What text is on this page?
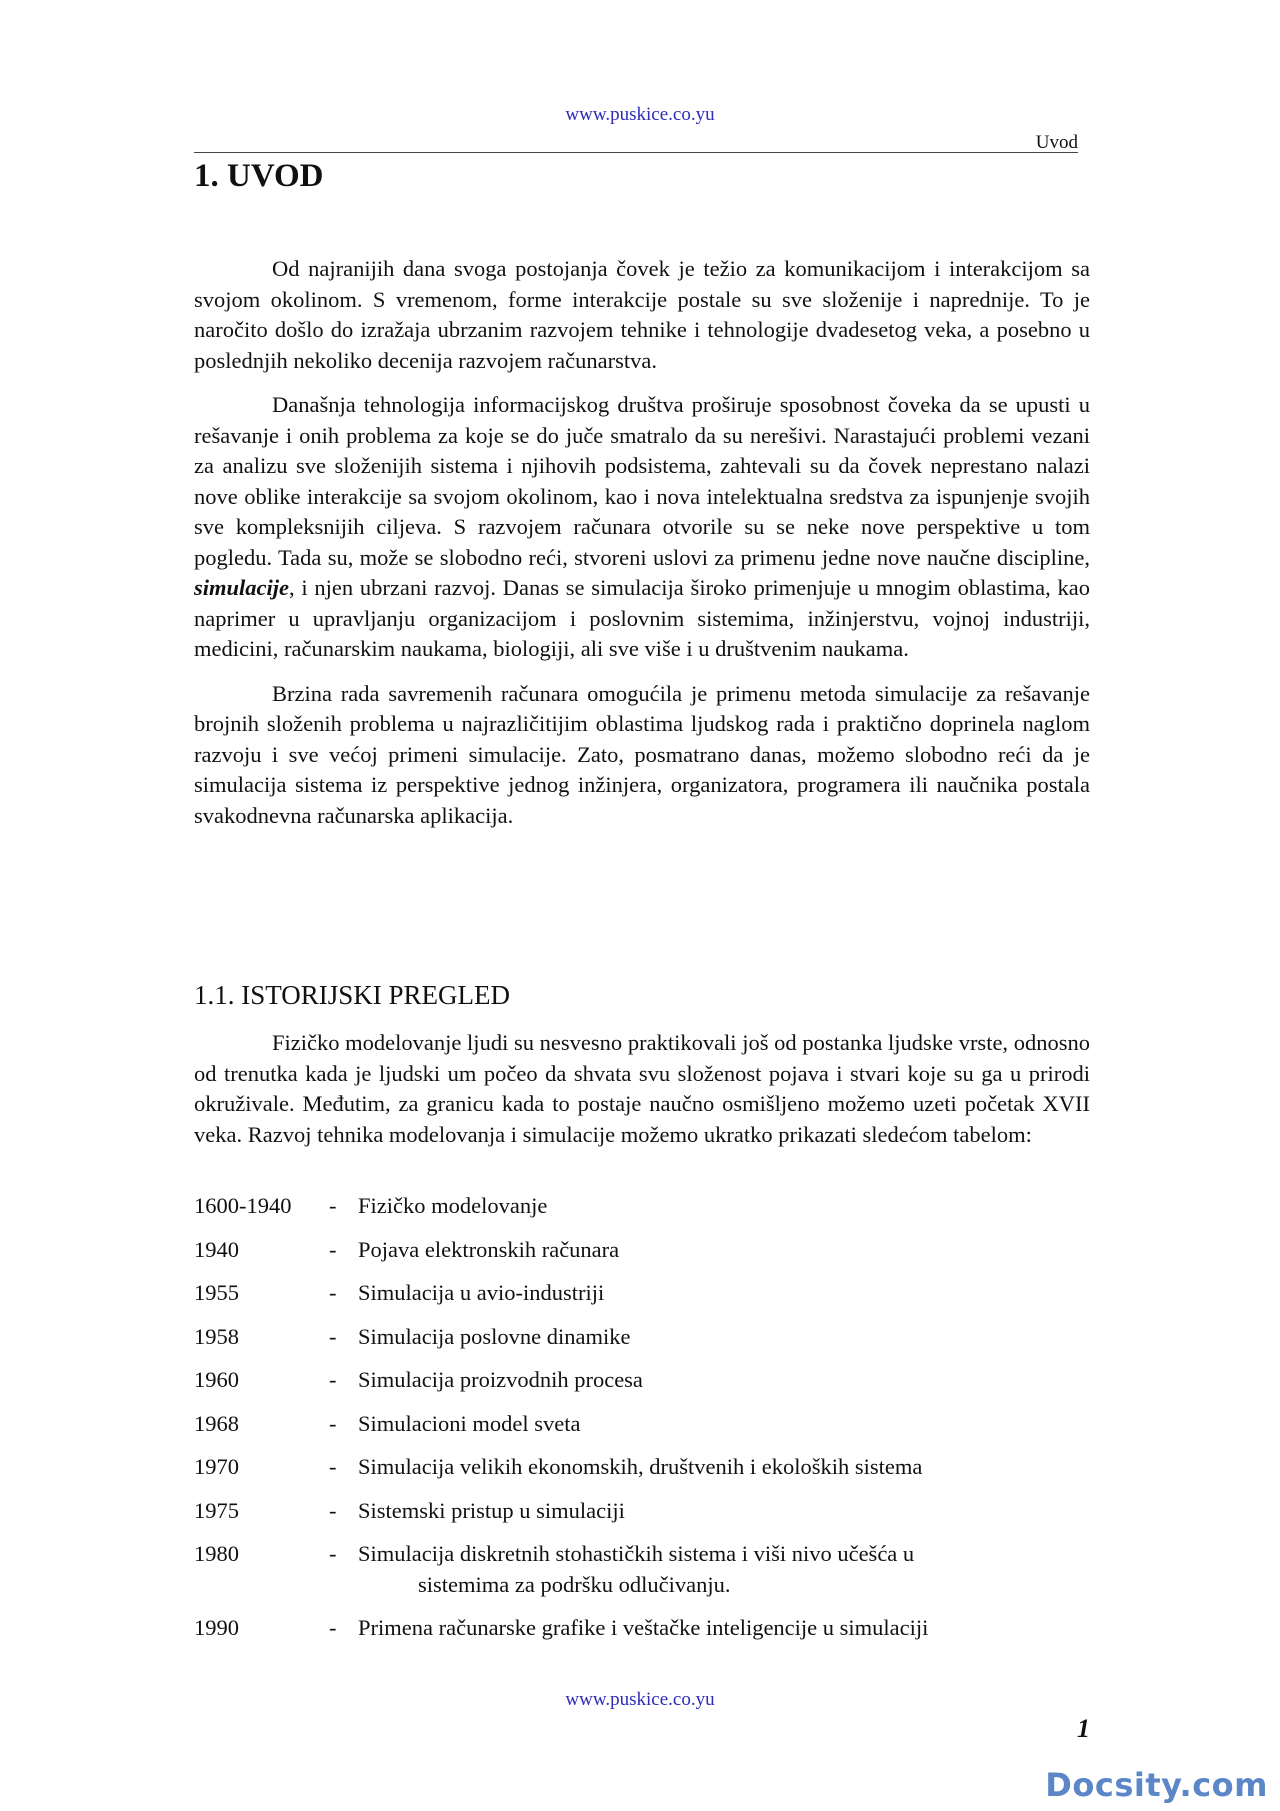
www.puskice.co.yu
Uvod
1. UVOD

Od najranijih dana svoga postojanja čovek je težio za komunikacijom i interakcijom sa svojom okolinom. S vremenom, forme interakcije postale su sve složenije i naprednije. To je naročito došlo do izražaja ubrzanim razvojem tehnike i tehnologije dvadesetog veka, a posebno u poslednjih nekoliko decenija razvojem računarstva.

Današnja tehnologija informacijskog društva proširuje sposobnost čoveka da se upusti u rešavanje i onih problema za koje se do juče smatralo da su nerešivi. Narastajući problemi vezani za analizu sve složenijih sistema i njihovih podsistema, zahtevali su da čovek neprestano nalazi nove oblike interakcije sa svojom okolinom, kao i nova intelektualna sredstva za ispunjenje svojih sve kompleksnijih ciljeva. S razvojem računara otvorile su se neke nove perspektive u tom pogledu. Tada su, može se slobodno reći, stvoreni uslovi za primenu jedne nove naučne discipline, simulacije, i njen ubrzani razvoj. Danas se simulacija široko primenjuje u mnogim oblastima, kao naprimer u upravljanju organizacijom i poslovnim sistemima, inžinjerstvu, vojnoj industriji, medicini, računarskim naukama, biologiji, ali sve više i u društvenim naukama.

Brzina rada savremenih računara omogućila je primenu metoda simulacije za rešavanje brojnih složenih problema u najrazličitijim oblastima ljudskog rada i praktično doprinela naglom razvoju i sve većoj primeni simulacije. Zato, posmatrano danas, možemo slobodno reći da je simulacija sistema iz perspektive jednog inžinjera, organizatora, programera ili naučnika postala svakodnevna računarska aplikacija.

1.1. ISTORIJSKI PREGLED

Fizičko modelovanje ljudi su nesvesno praktikovali još od postanka ljudske vrste, odnosno od trenutka kada je ljudski um počeo da shvata svu složenost pojava i stvari koje su ga u prirodi okruživale. Međutim, za granicu kada to postaje naučno osmišljeno možemo uzeti početak XVII veka. Razvoj tehnika modelovanja i simulacije možemo ukratko prikazati sledećom tabelom:

1600-1940	- Fizičko modelovanje
1940	- Pojava elektronskih računara
1955	- Simulacija u avio-industriji
1958	- Simulacija poslovne dinamike
1960	- Simulacija proizvodnih procesa
1968	- Simulacioni model sveta
1970	- Simulacija velikih ekonomskih, društvenih i ekoloških sistema
1975	- Sistemski pristup u simulaciji
1980	- Simulacija diskretnih stohastičkih sistema i viši nivo učešća u
sistemima za podršku odlučivanju.
1990	- Primena računarske grafike i veštačke inteligencije u simulaciji
www.puskice.co.yu
1
Docsity.com
